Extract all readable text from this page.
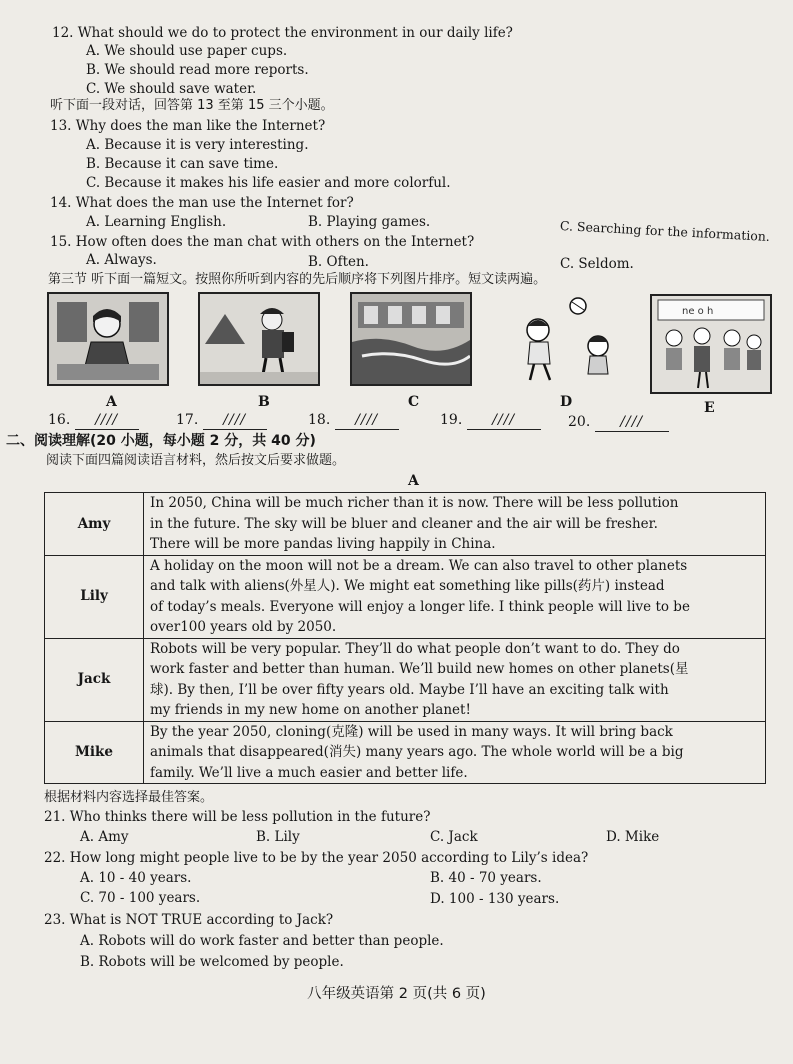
12. What should we do to protect the environment in our daily life?
A. We should use paper cups.
B. We should read more reports.
C. We should save water.
听下面一段对话，回答第 13 至第 15 三个小题。
13. Why does the man like the Internet?
A. Because it is very interesting.
B. Because it can save time.
C. Because it makes his life easier and more colorful.
14. What does the man use the Internet for?
A. Learning English.	B. Playing games.	C. Searching for the information.
15. How often does the man chat with others on the Internet?
A. Always.	B. Often.	C. Seldom.
第三节 听下面一篇短文。按照你所听到内容的先后顺序将下列图片排序。短文读两遍。
ne o h
A	B	C	D	E
16. ////	17. ////	18. ////	19. ////	20. ////
二、阅读理解(20 小题，每小题 2 分，共 40 分)
阅读下面四篇阅读语言材料，然后按文后要求做题。
A
Amy	In 2050, China will be much richer than it is now. There will be less pollution
in the future. The sky will be bluer and cleaner and the air will be fresher.
There will be more pandas living happily in China.

Lily	A holiday on the moon will not be a dream. We can also travel to other planets
and talk with aliens(外星人). We might eat something like pills(药片) instead
of today’s meals. Everyone will enjoy a longer life. I think people will live to be
over100 years old by 2050.

Jack	Robots will be very popular. They’ll do what people don’t want to do. They do
work faster and better than human. We’ll build new homes on other planets(星
球). By then, I’ll be over fifty years old. Maybe I’ll have an exciting talk with
my friends in my new home on another planet!

Mike	By the year 2050, cloning(克隆) will be used in many ways. It will bring back
animals that disappeared(消失) many years ago. The whole world will be a big
family. We’ll live a much easier and better life.
根据材料内容选择最佳答案。
21. Who thinks there will be less pollution in the future?
A. Amy	B. Lily	C. Jack	D. Mike
22. How long might people live to be by the year 2050 according to Lily’s idea?
A. 10 - 40 years.	B. 40 - 70 years.
C. 70 - 100 years.	D. 100 - 130 years.
23. What is NOT TRUE according to Jack?
A. Robots will do work faster and better than people.
B. Robots will be welcomed by people.
八年级英语第 2 页(共 6 页)
